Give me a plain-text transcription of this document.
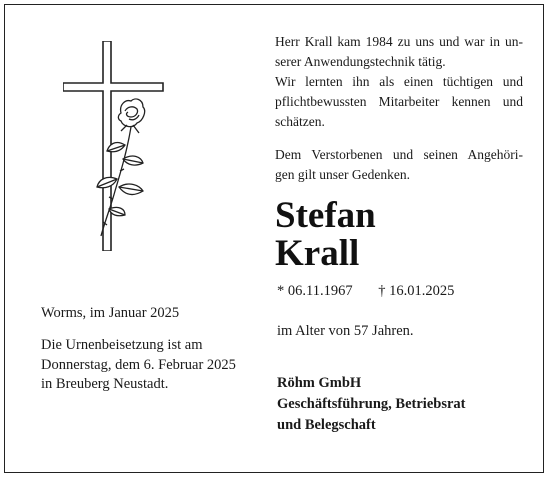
Herr Krall kam 1984 zu uns und war in un-
serer Anwendungstechnik tätig.
Wir lernten ihn als einen tüchtigen und
pflichtbewussten Mitarbeiter kennen und
schätzen.
Dem Verstorbenen und seinen Angehöri-
gen gilt unser Gedenken.
Stefan
Krall
* 06.11.1967 † 16.01.2025
im Alter von 57 Jahren.
Worms, im Januar 2025
Die Urnenbeisetzung ist am
Donnerstag, dem 6. Februar 2025
in Breuberg Neustadt.	Röhm GmbH
Geschäftsführung, Betriebsrat
und Belegschaft
